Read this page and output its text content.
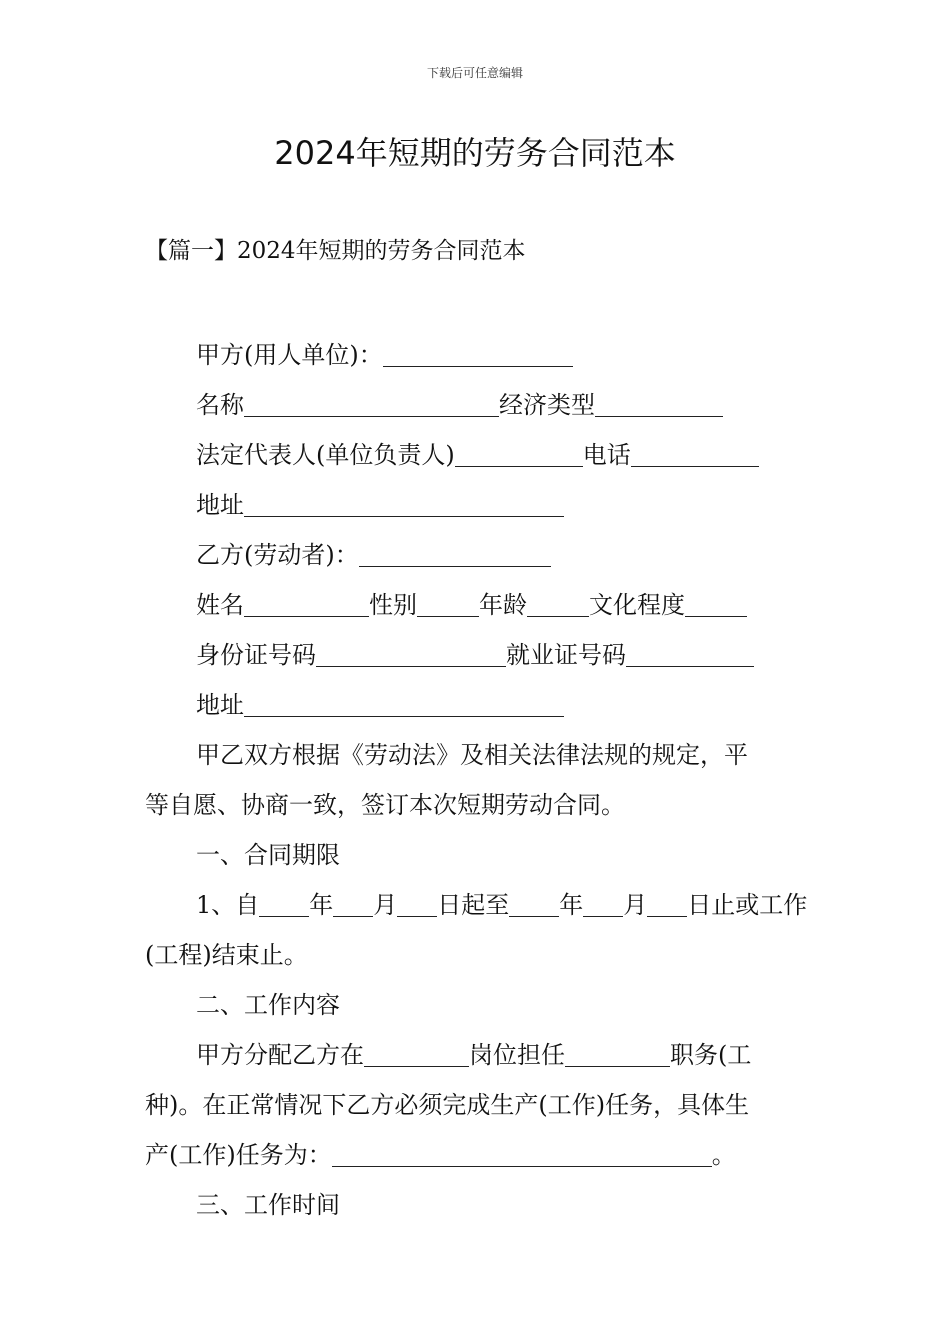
下载后可任意编辑
2024年短期的劳务合同范本
【篇一】2024年短期的劳务合同范本
甲方(用人单位)：
名称	经济类型
法定代表人(单位负责人)	电话
地址
乙方(劳动者)：
姓名	性别	年龄	文化程度
身份证号码	就业证号码
地址
甲乙双方根据《劳动法》及相关法律法规的规定，平
等自愿、协商一致，签订本次短期劳动合同。
一、合同期限
1、自 年 月 日起至 年 月 日止或工作
(工程)结束止。
二、工作内容
甲方分配乙方在	岗位担任	职务(工
种)。在正常情况下乙方必须完成生产(工作)任务，具体生
产(工作)任务为：	。
三、工作时间
